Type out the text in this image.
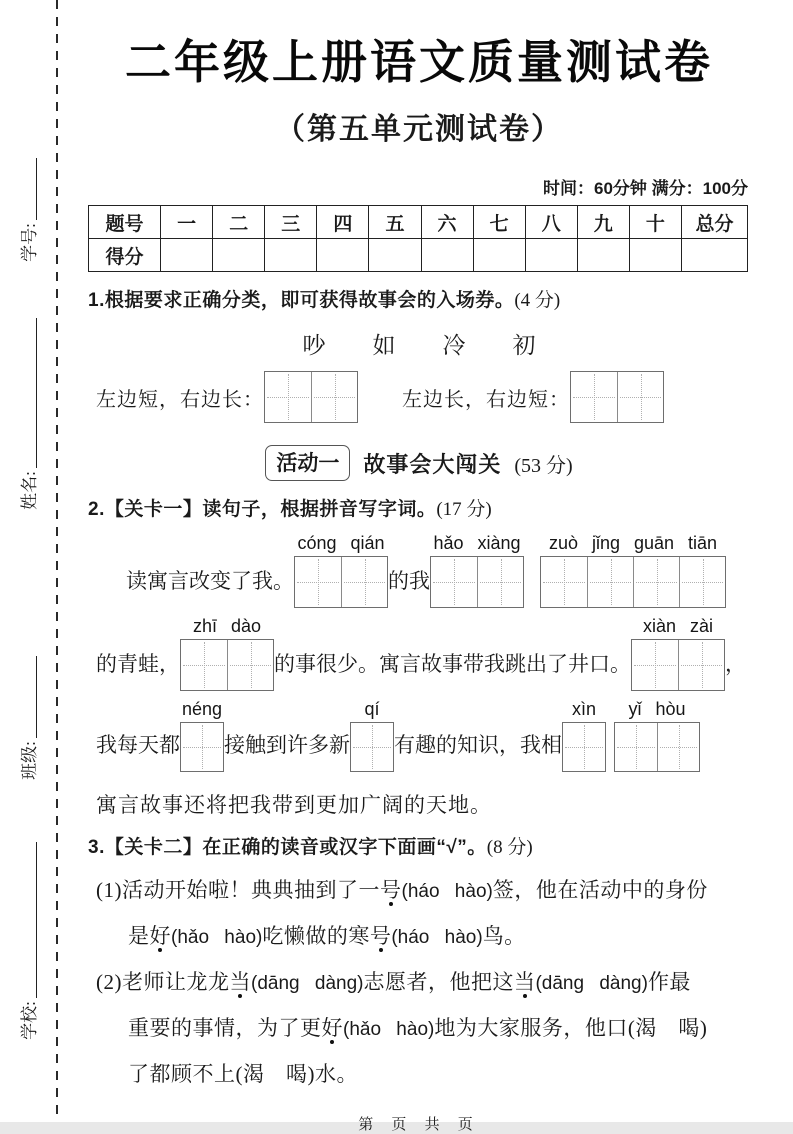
学号:
姓名:
班级:
学校:
二年级上册语文质量测试卷
（第五单元测试卷）
时间：60分钟 满分：100分
题号	一	二	三	四	五	六	七	八	九	十	总分
得分											
1.根据要求正确分类，即可获得故事会的入场券。(4 分)
吵 如 冷 初
左边短，右边长：	左边长，右边短：
活动一	故事会大闯关 (53 分)
2.【关卡一】读句子，根据拼音写字词。(17 分)
读寓言改变了我。
cóng qián
的我
hǎo xiàng zuò jǐng guān tiān
的青蛙，
zhī dào
的事很少。寓言故事带我跳出了井口。
xiàn zài
，
我每天都
néng
接触到许多新
qí
有趣的知识，我相
xìn yǐ hòu

寓言故事还将把我带到更加广阔的天地。

3.【关卡二】在正确的读音或汉字下面画“√”。(8 分)

(1)活动开始啦！典典抽到了一号(háo hào)签，他在活动中的身份

是好(hǎo hào)吃懒做的寒号(háo hào)鸟。

(2)老师让龙龙当(dāng dàng)志愿者，他把这当(dāng dàng)作最

重要的事情，为了更好(hǎo hào)地为大家服务，他口(渴　喝)

了都顾不上(渴　喝)水。

第 页 共 页
